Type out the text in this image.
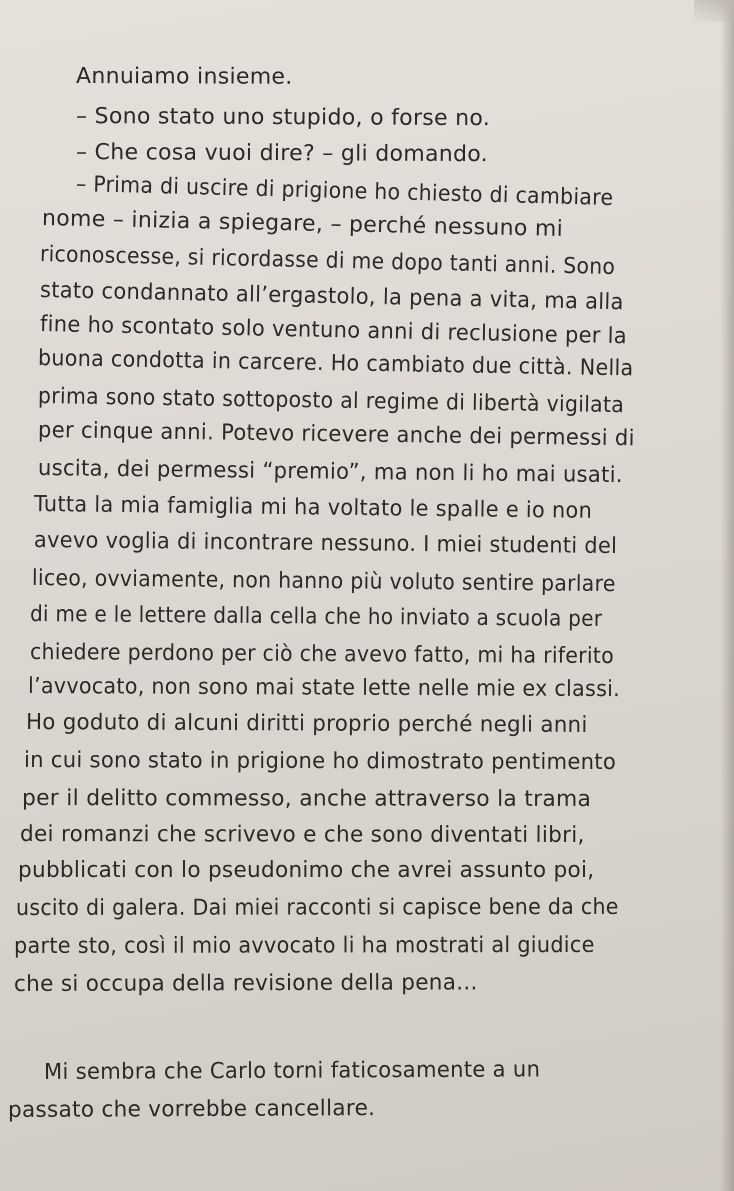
Annuiamo insieme.
– Sono stato uno stupido, o forse no.
– Che cosa vuoi dire? – gli domando.
– Prima di uscire di prigione ho chiesto di cambiare
nome – inizia a spiegare, – perché nessuno mi
riconoscesse, si ricordasse di me dopo tanti anni. Sono
stato condannato all’ergastolo, la pena a vita, ma alla
fine ho scontato solo ventuno anni di reclusione per la
buona condotta in carcere. Ho cambiato due città. Nella
prima sono stato sottoposto al regime di libertà vigilata
per cinque anni. Potevo ricevere anche dei permessi di
uscita, dei permessi “premio”, ma non li ho mai usati.
Tutta la mia famiglia mi ha voltato le spalle e io non
avevo voglia di incontrare nessuno. I miei studenti del
liceo, ovviamente, non hanno più voluto sentire parlare
di me e le lettere dalla cella che ho inviato a scuola per
chiedere perdono per ciò che avevo fatto, mi ha riferito
l’avvocato, non sono mai state lette nelle mie ex classi.
Ho goduto di alcuni diritti proprio perché negli anni
in cui sono stato in prigione ho dimostrato pentimento
per il delitto commesso, anche attraverso la trama
dei romanzi che scrivevo e che sono diventati libri,
pubblicati con lo pseudonimo che avrei assunto poi,
uscito di galera. Dai miei racconti si capisce bene da che
parte sto, così il mio avvocato li ha mostrati al giudice
che si occupa della revisione della pena...
Mi sembra che Carlo torni faticosamente a un
passato che vorrebbe cancellare.
